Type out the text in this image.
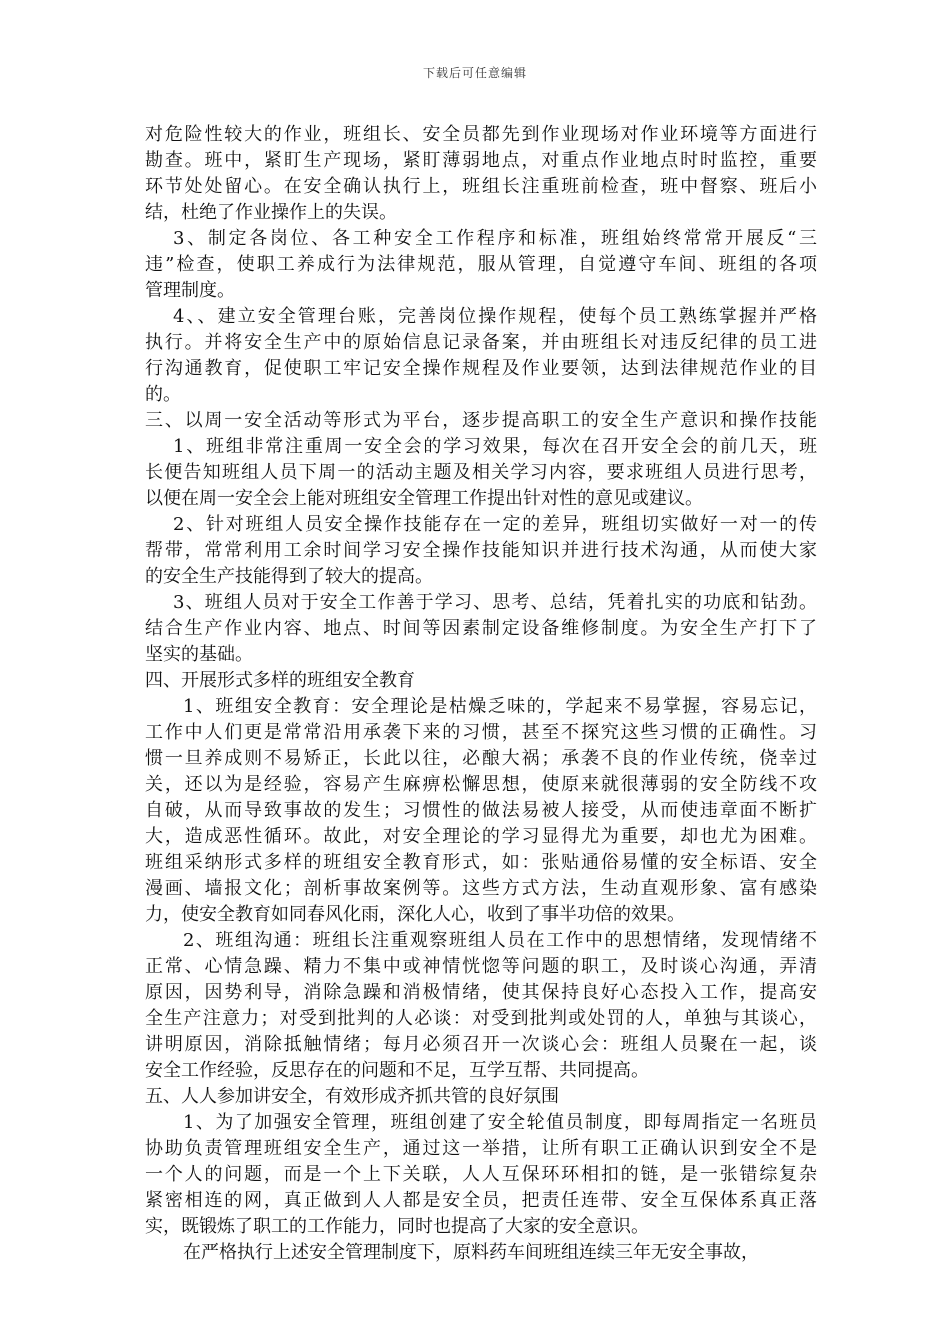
下载后可任意编辑
对危险性较大的作业，班组长、安全员都先到作业现场对作业环境等方面进行
勘查。班中，紧盯生产现场，紧盯薄弱地点，对重点作业地点时时监控，重要
环节处处留心。在安全确认执行上，班组长注重班前检查，班中督察、班后小
结，杜绝了作业操作上的失误。
3、制定各岗位、各工种安全工作程序和标准，班组始终常常开展反“三
违”检查，使职工养成行为法律规范，服从管理，自觉遵守车间、班组的各项
管理制度。
4、、建立安全管理台账，完善岗位操作规程，使每个员工熟练掌握并严格
执行。并将安全生产中的原始信息记录备案，并由班组长对违反纪律的员工进
行沟通教育，促使职工牢记安全操作规程及作业要领，达到法律规范作业的目
的。
三、以周一安全活动等形式为平台，逐步提高职工的安全生产意识和操作技能
1、班组非常注重周一安全会的学习效果，每次在召开安全会的前几天，班
长便告知班组人员下周一的活动主题及相关学习内容，要求班组人员进行思考，
以便在周一安全会上能对班组安全管理工作提出针对性的意见或建议。
2、针对班组人员安全操作技能存在一定的差异，班组切实做好一对一的传
帮带，常常利用工余时间学习安全操作技能知识并进行技术沟通，从而使大家
的安全生产技能得到了较大的提高。
3、班组人员对于安全工作善于学习、思考、总结，凭着扎实的功底和钻劲。
结合生产作业内容、地点、时间等因素制定设备维修制度。为安全生产打下了
坚实的基础。
四、开展形式多样的班组安全教育
1、班组安全教育：安全理论是枯燥乏味的，学起来不易掌握，容易忘记，
工作中人们更是常常沿用承袭下来的习惯，甚至不探究这些习惯的正确性。习
惯一旦养成则不易矫正，长此以往，必酿大祸；承袭不良的作业传统，侥幸过
关，还以为是经验，容易产生麻痹松懈思想，使原来就很薄弱的安全防线不攻
自破，从而导致事故的发生；习惯性的做法易被人接受，从而使违章面不断扩
大，造成恶性循环。故此，对安全理论的学习显得尤为重要，却也尤为困难。
班组采纳形式多样的班组安全教育形式，如：张贴通俗易懂的安全标语、安全
漫画、墙报文化；剖析事故案例等。这些方式方法，生动直观形象、富有感染
力，使安全教育如同春风化雨，深化人心，收到了事半功倍的效果。
2、班组沟通：班组长注重观察班组人员在工作中的思想情绪，发现情绪不
正常、心情急躁、精力不集中或神情恍惚等问题的职工，及时谈心沟通，弄清
原因，因势利导，消除急躁和消极情绪，使其保持良好心态投入工作，提高安
全生产注意力；对受到批判的人必谈：对受到批判或处罚的人，单独与其谈心，
讲明原因，消除抵触情绪；每月必须召开一次谈心会：班组人员聚在一起，谈
安全工作经验，反思存在的问题和不足，互学互帮、共同提高。
五、人人参加讲安全，有效形成齐抓共管的良好氛围
1、为了加强安全管理，班组创建了安全轮值员制度，即每周指定一名班员
协助负责管理班组安全生产，通过这一举措，让所有职工正确认识到安全不是
一个人的问题，而是一个上下关联，人人互保环环相扣的链，是一张错综复杂
紧密相连的网，真正做到人人都是安全员，把责任连带、安全互保体系真正落
实，既锻炼了职工的工作能力，同时也提高了大家的安全意识。
在严格执行上述安全管理制度下，原料药车间班组连续三年无安全事故，
